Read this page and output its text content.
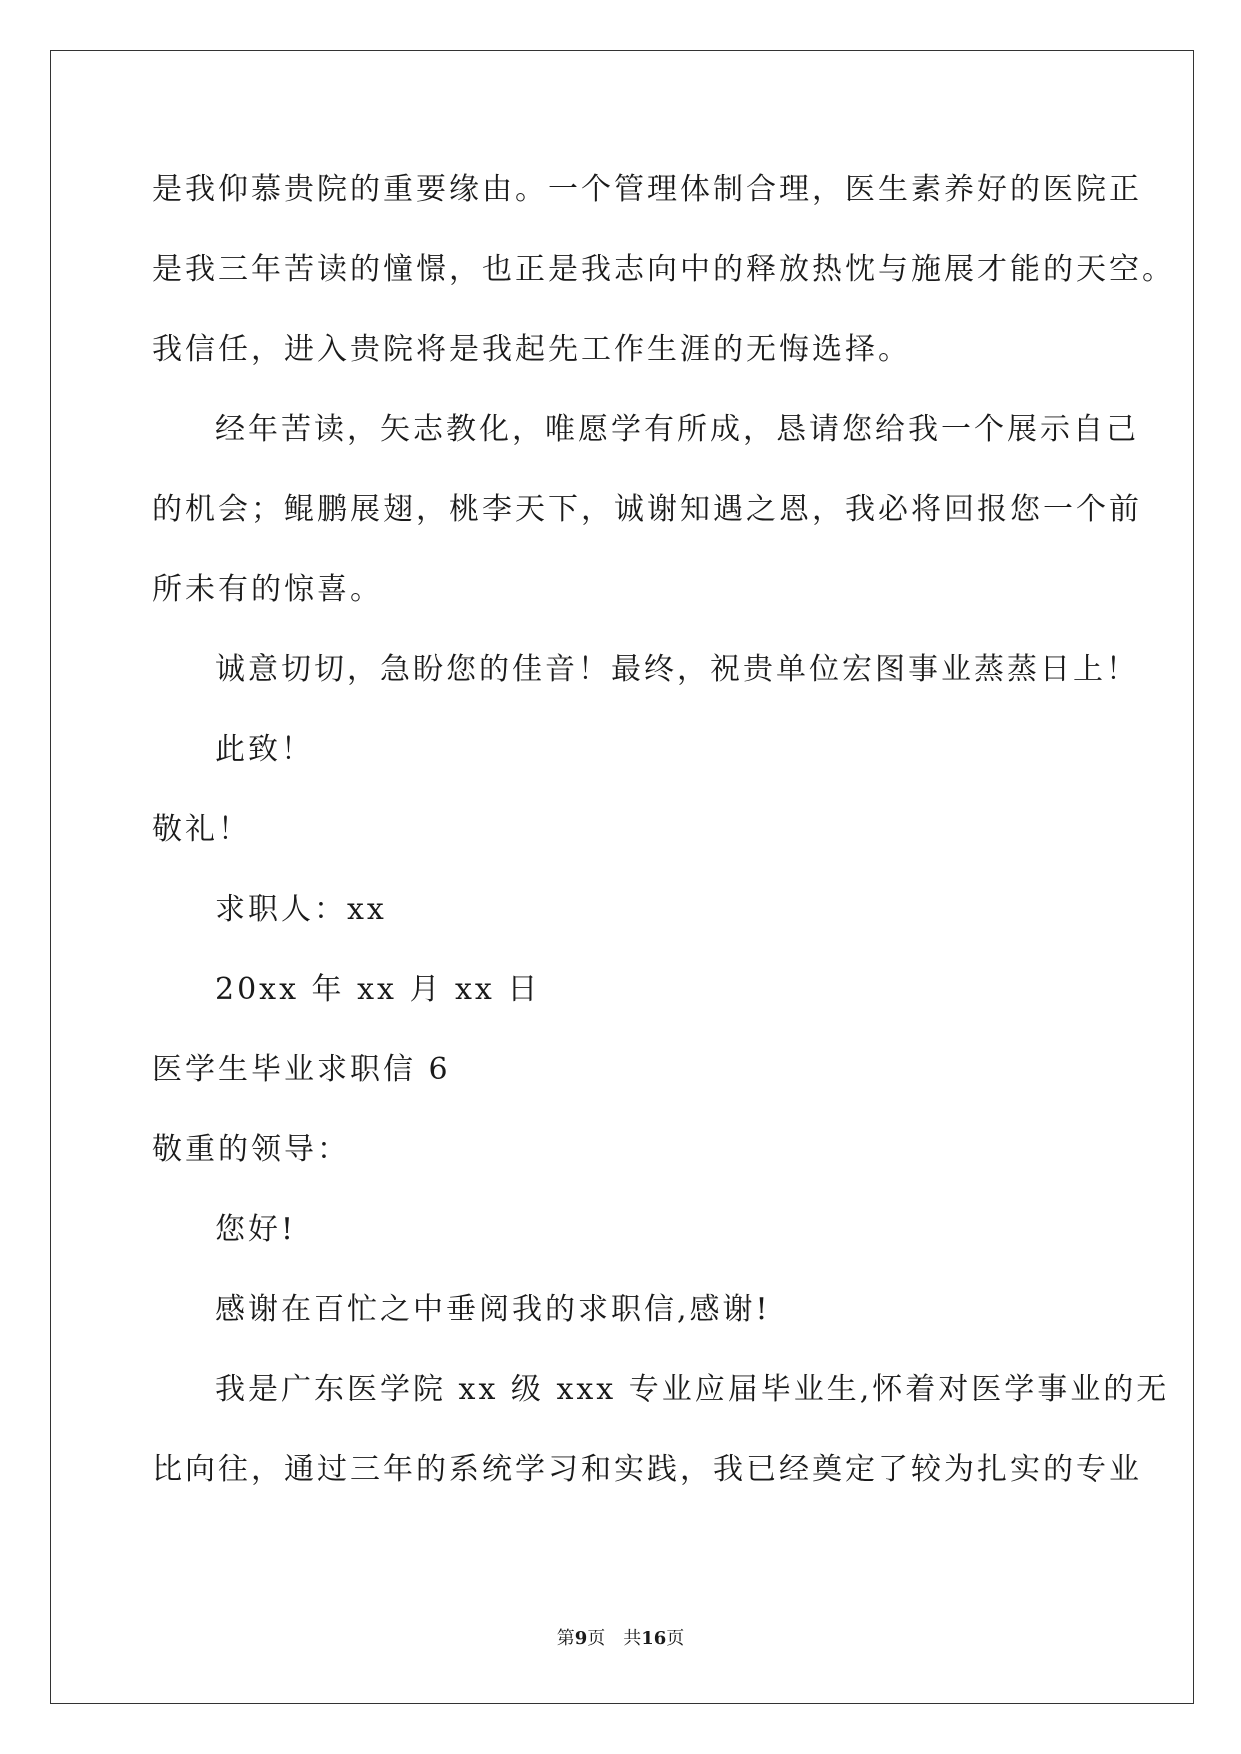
是我仰慕贵院的重要缘由。一个管理体制合理，医生素养好的医院正
是我三年苦读的憧憬，也正是我志向中的释放热忱与施展才能的天空。
我信任，进入贵院将是我起先工作生涯的无悔选择。
经年苦读，矢志教化，唯愿学有所成，恳请您给我一个展示自己
的机会；鲲鹏展翅，桃李天下，诚谢知遇之恩，我必将回报您一个前
所未有的惊喜。
诚意切切，急盼您的佳音！最终，祝贵单位宏图事业蒸蒸日上！
此致！
敬礼！
求职人：xx
20xx 年 xx 月 xx 日
医学生毕业求职信 6
敬重的领导：
您好!
感谢在百忙之中垂阅我的求职信,感谢!
我是广东医学院 xx 级 xxx 专业应届毕业生,怀着对医学事业的无
比向往，通过三年的系统学习和实践，我已经奠定了较为扎实的专业
第9页 共16页
